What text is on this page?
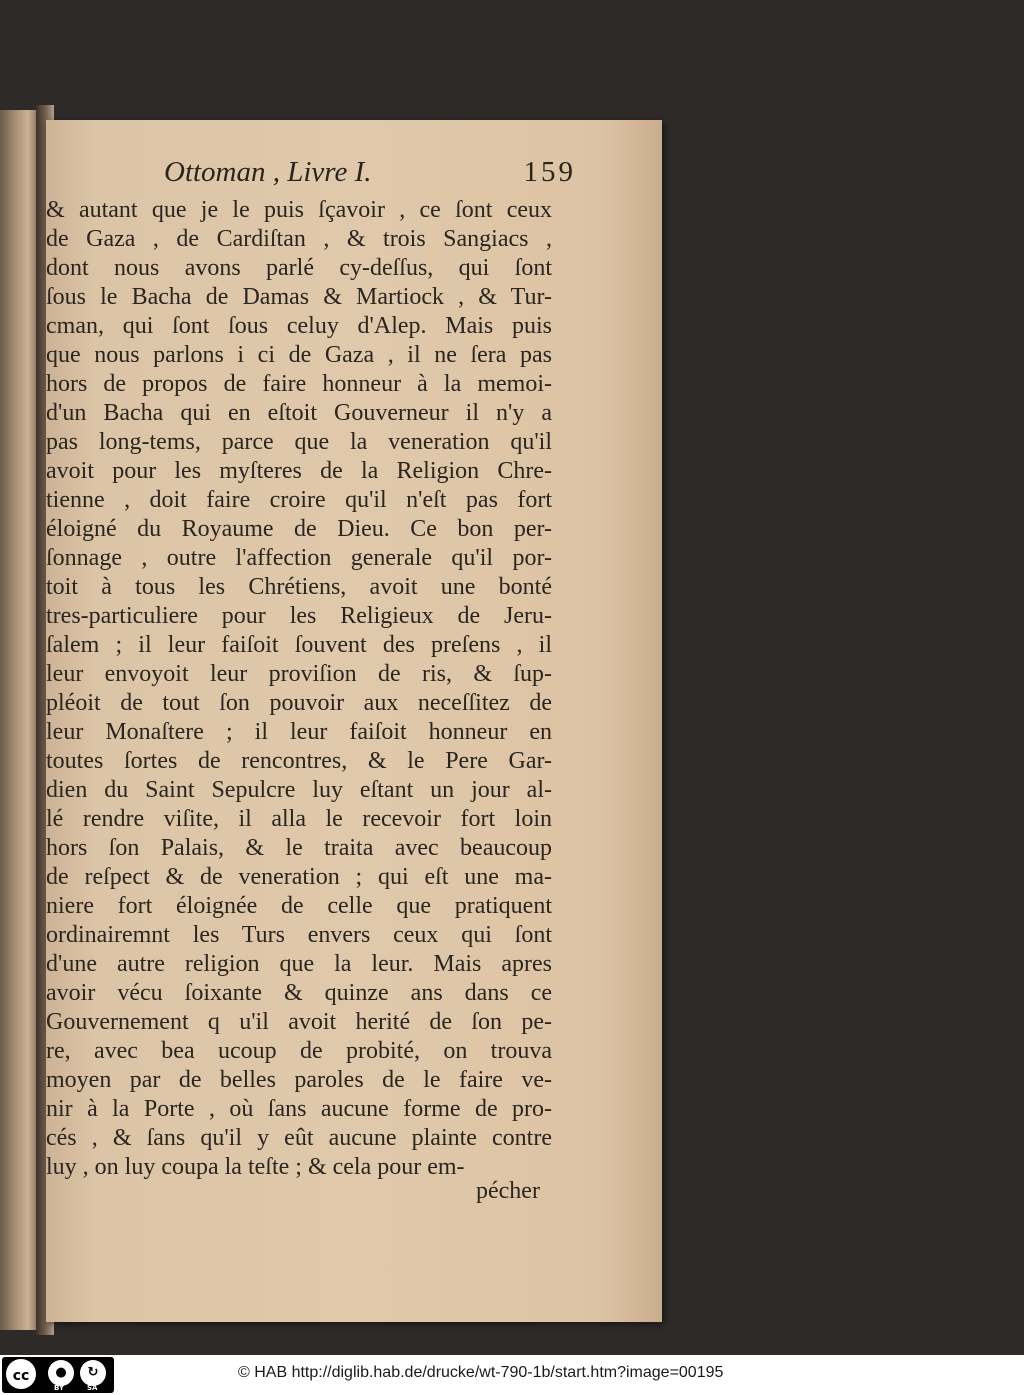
Ottoman , Livre I.	159
& autant que je le puis ſçavoir , ce ſont ceux
de Gaza , de Cardiſtan , & trois Sangiacs ,
dont nous avons parlé cy-deſſus, qui ſont
ſous le Bacha de Damas & Martiock , & Tur-
cman, qui ſont ſous celuy d'Alep. Mais puis
que nous parlons i ci de Gaza , il ne ſera pas
hors de propos de faire honneur à la memoi-
d'un Bacha qui en eſtoit Gouverneur il n'y a
pas long-tems, parce que la veneration qu'il
avoit pour les myſteres de la Religion Chre-
tienne , doit faire croire qu'il n'eſt pas fort
éloigné du Royaume de Dieu. Ce bon per-
ſonnage , outre l'affection generale qu'il por-
toit à tous les Chrétiens, avoit une bonté
tres-particuliere pour les Religieux de Jeru-
ſalem ; il leur faiſoit ſouvent des preſens , il
leur envoyoit leur proviſion de ris, & ſup-
pléoit de tout ſon pouvoir aux neceſſitez de
leur Monaſtere ; il leur faiſoit honneur en
toutes ſortes de rencontres, & le Pere Gar-
dien du Saint Sepulcre luy eſtant un jour al-
lé rendre viſite, il alla le recevoir fort loin
hors ſon Palais, & le traita avec beaucoup
de reſpect & de veneration ; qui eſt une ma-
niere fort éloignée de celle que pratiquent
ordinairemnt les Turs envers ceux qui ſont
d'une autre religion que la leur. Mais apres
avoir vécu ſoixante & quinze ans dans ce
Gouvernement q u'il avoit herité de ſon pe-
re, avec bea ucoup de probité, on trouva
moyen par de belles paroles de le faire ve-
nir à la Porte , où ſans aucune forme de pro-
cés , & ſans qu'il y eût aucune plainte contre
luy , on luy coupa la teſte ; & cela pour em-
pécher
cc	●	↻
BY	SA
© HAB http://diglib.hab.de/drucke/wt-790-1b/start.htm?image=00195
